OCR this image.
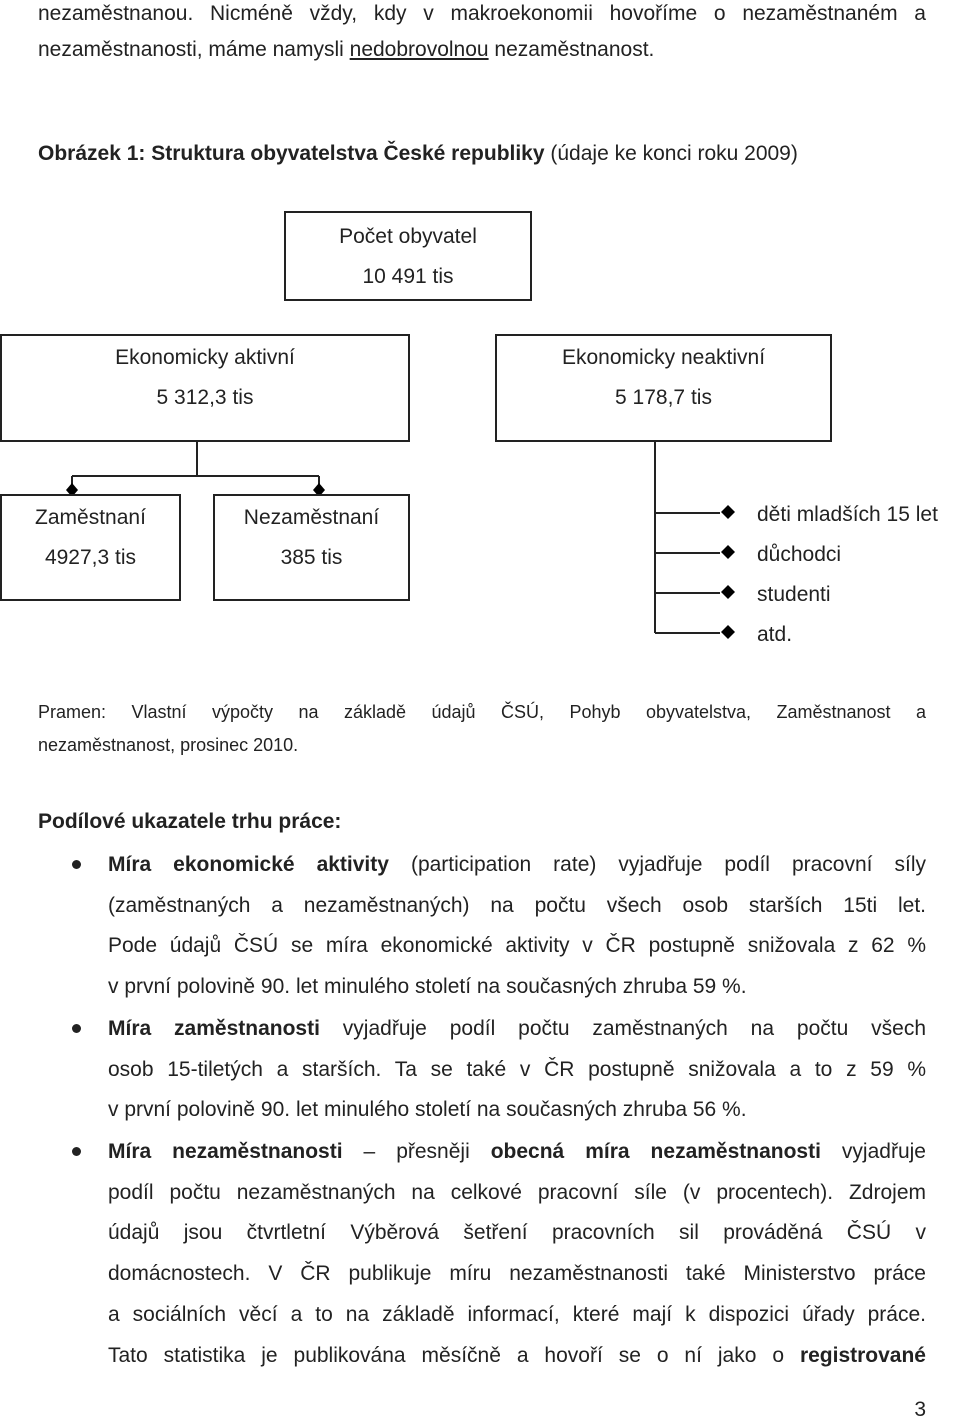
nezaměstnanou. Nicméně vždy, kdy v makroekonomii hovoříme o nezaměstnaném a
nezaměstnanosti, máme namysli nedobrovolnou nezaměstnanost.
Obrázek 1: Struktura obyvatelstva České republiky (údaje ke konci roku 2009)
Počet obyvatel
10 491 tis
Ekonomicky aktivní
5 312,3 tis
Ekonomicky neaktivní
5 178,7 tis
Zaměstnaní
4927,3 tis
Nezaměstnaní
385 tis
děti mladších 15 let
důchodci
studenti
atd.
Pramen: Vlastní výpočty na základě údajů ČSÚ, Pohyb obyvatelstva, Zaměstnanost a
nezaměstnanost, prosinec 2010.
Podílové ukazatele trhu práce:
Míra ekonomické aktivity (participation rate) vyjadřuje podíl pracovní síly
(zaměstnaných a nezaměstnaných) na počtu všech osob starších 15ti let.
Pode údajů ČSÚ se míra ekonomické aktivity v ČR postupně snižovala z 62 %
v první polovině 90. let minulého století na současných zhruba 59 %.
Míra zaměstnanosti vyjadřuje podíl počtu zaměstnaných na počtu všech
osob 15-tiletých a starších. Ta se také v ČR postupně snižovala a to z 59 %
v první polovině 90. let minulého století na současných zhruba 56 %.
Míra nezaměstnanosti – přesněji obecná míra nezaměstnanosti vyjadřuje
podíl počtu nezaměstnaných na celkové pracovní síle (v procentech). Zdrojem
údajů jsou čtvrtletní Výběrová šetření pracovních sil prováděná ČSÚ v
domácnostech. V ČR publikuje míru nezaměstnanosti také Ministerstvo práce
a sociálních věcí a to na základě informací, které mají k dispozici úřady práce.
Tato statistika je publikována měsíčně a hovoří se o ní jako o registrované
3
